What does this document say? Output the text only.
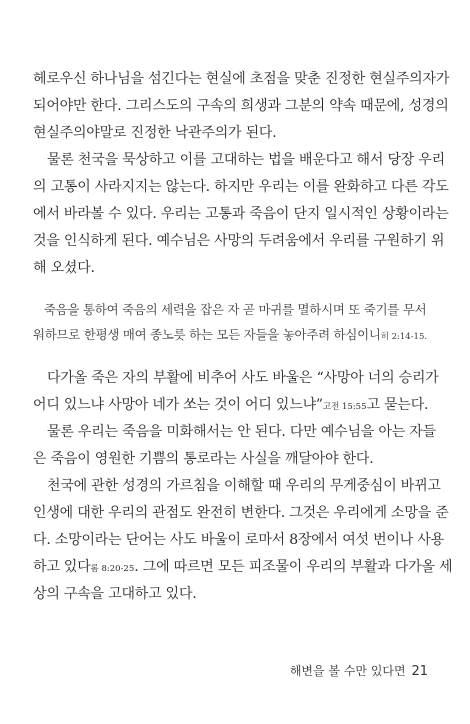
헤로우신 하나님을 섬긴다는 현실에 초점을 맞춘 진정한 현실주의자가
되어야만 한다. 그리스도의 구속의 희생과 그분의 약속 때문에, 성경의
현실주의야말로 진정한 낙관주의가 된다.
물론 천국을 묵상하고 이를 고대하는 법을 배운다고 해서 당장 우리
의 고통이 사라지지는 않는다. 하지만 우리는 이를 완화하고 다른 각도
에서 바라볼 수 있다. 우리는 고통과 죽음이 단지 일시적인 상황이라는
것을 인식하게 된다. 예수님은 사망의 두려움에서 우리를 구원하기 위
해 오셨다.
죽음을 통하여 죽음의 세력을 잡은 자 곧 마귀를 멸하시며 또 죽기를 무서
워하므로 한평생 매여 종노릇 하는 모든 자들을 놓아주려 하심이니히 2:14-15.
다가올 죽은 자의 부활에 비추어 사도 바울은 “사망아 너의 승리가
어디 있느냐 사망아 네가 쏘는 것이 어디 있느냐”고전 15:55고 묻는다.
물론 우리는 죽음을 미화해서는 안 된다. 다만 예수님을 아는 자들
은 죽음이 영원한 기쁨의 통로라는 사실을 깨달아야 한다.
천국에 관한 성경의 가르침을 이해할 때 우리의 무게중심이 바뀌고
인생에 대한 우리의 관점도 완전히 변한다. 그것은 우리에게 소망을 준
다. 소망이라는 단어는 사도 바울이 로마서 8장에서 여섯 번이나 사용
하고 있다롬 8:20-25. 그에 따르면 모든 피조물이 우리의 부활과 다가올 세
상의 구속을 고대하고 있다.
해변을 볼 수만 있다면 21
